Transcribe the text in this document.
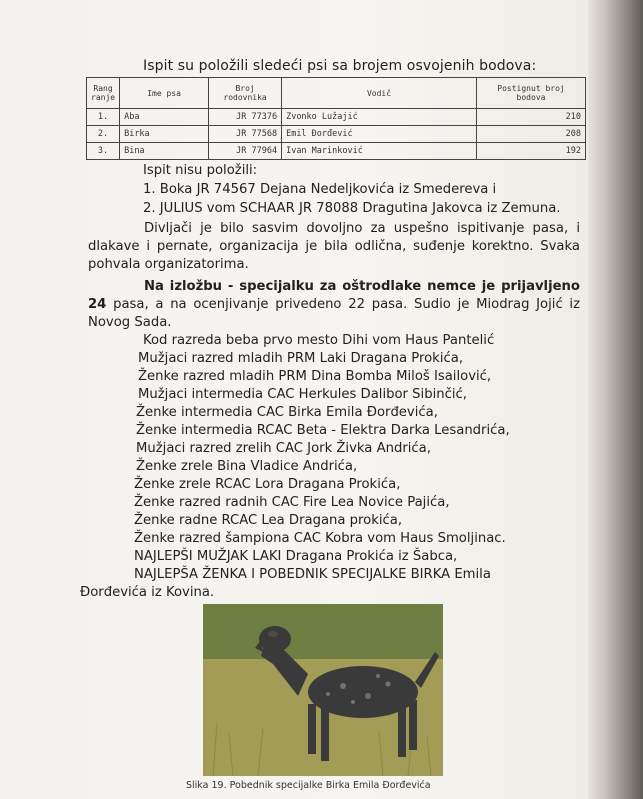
Ispit su položili sledeći psi sa brojem osvojenih bodova:
Rang ranje	Ime psa	Broj rodovnika	Vodič	Postignut broj bodova
1.	Aba	JR 77376	Zvonko Lužajić	210
2.	Birka	JR 77568	Emil Đorđević	208
3.	Bina	JR 77964	Ivan Marinković	192
Ispit nisu položili:
1. Boka JR 74567 Dejana Nedeljkovića iz Smedereva i
2. JULIUS vom SCHAAR JR 78088 Dragutina Jakovca iz Zemuna.
Divljači je bilo sasvim dovoljno za uspešno ispitivanje pasa, i dlakave i pernate, organizacija je bila odlična, suđenje korektno. Svaka pohvala organizatorima.
Na izložbu - specijalku za oštrodlake nemce je prijavljeno 24 pasa, a na ocenjivanje privedeno 22 pasa. Sudio je Miodrag Jojić iz Novog Sada.
Kod razreda beba prvo mesto Dihi vom Haus Pantelić
Mužjaci razred mladih PRM Laki Dragana Prokića,
Ženke razred mladih PRM Dina Bomba Miloš Isailović,
Mužjaci intermedia CAC Herkules Dalibor Sibinčić,
Ženke intermedia CAC Birka Emila Đorđevića,
Ženke intermedia RCAC Beta - Elektra Darka Lesandrića,
Mužjaci razred zrelih CAC Jork Živka Andrića,
Ženke zrele Bina Vladice Andrića,
Ženke zrele RCAC Lora Dragana Prokića,
Ženke razred radnih CAC Fire Lea Novice Pajića,
Ženke radne RCAC Lea Dragana prokića,
Ženke razred šampiona CAC Kobra vom Haus Smoljinac.
NAJLEPŠI MUŽJAK LAKI Dragana Prokića iz Šabca,
NAJLEPŠA ŽENKA I POBEDNIK SPECIJALKE BIRKA Emila
Đorđevića iz Kovina.
Slika 19. Pobednik specijalke Birka Emila Đorđevića
